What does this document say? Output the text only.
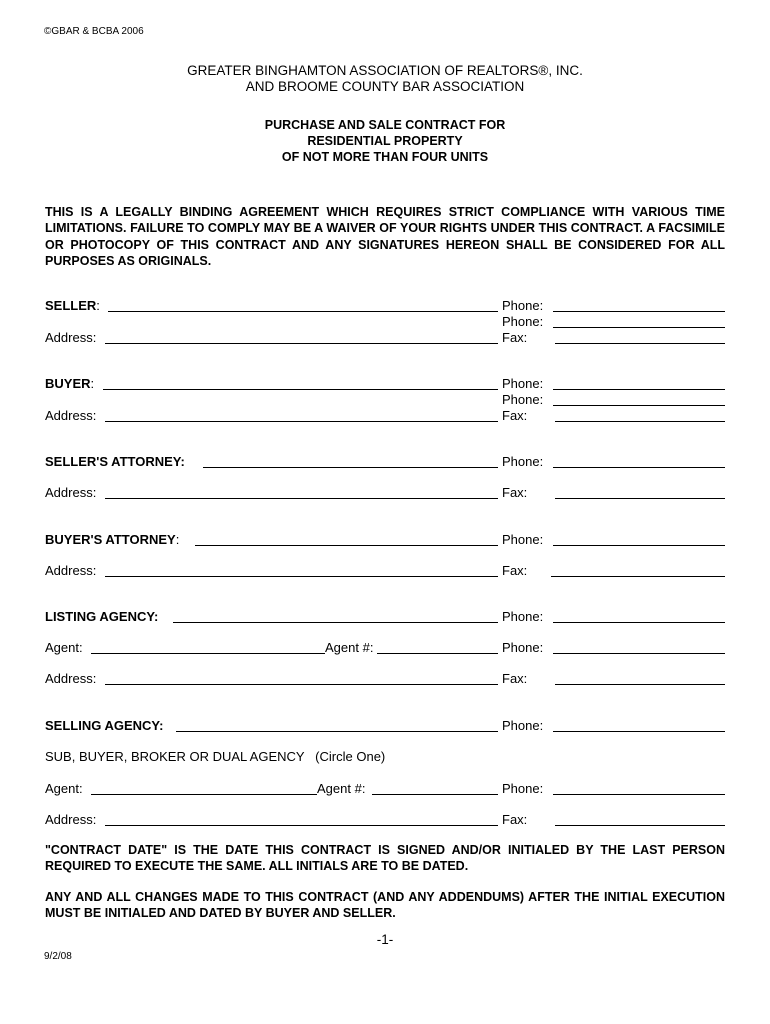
©GBAR & BCBA 2006
GREATER BINGHAMTON ASSOCIATION OF REALTORS®, INC.
AND BROOME COUNTY BAR ASSOCIATION
PURCHASE AND SALE CONTRACT FOR
RESIDENTIAL PROPERTY
OF NOT MORE THAN FOUR UNITS
THIS IS A LEGALLY BINDING AGREEMENT WHICH REQUIRES STRICT COMPLIANCE WITH VARIOUS TIME LIMITATIONS. FAILURE TO COMPLY MAY BE A WAIVER OF YOUR RIGHTS UNDER THIS CONTRACT. A FACSIMILE OR PHOTOCOPY OF THIS CONTRACT AND ANY SIGNATURES HEREON SHALL BE CONSIDERED FOR ALL PURPOSES AS ORIGINALS.
SELLER:	Phone:
Phone:
Address:	Fax:
BUYER:	Phone:
Phone:
Address:	Fax:
SELLER'S ATTORNEY:	Phone:
Address:	Fax:
BUYER'S ATTORNEY:	Phone:
Address:	Fax:
LISTING AGENCY:	Phone:
Agent:	Agent #:	Phone:
Address:	Fax:
SELLING AGENCY:	Phone:
SUB, BUYER, BROKER OR DUAL AGENCY   (Circle One)
Agent:	Agent #:	Phone:
Address:	Fax:
"CONTRACT DATE" IS THE DATE THIS CONTRACT IS SIGNED AND/OR INITIALED BY THE LAST PERSON REQUIRED TO EXECUTE THE SAME. ALL INITIALS ARE TO BE DATED.
ANY AND ALL CHANGES MADE TO THIS CONTRACT (AND ANY ADDENDUMS) AFTER THE INITIAL EXECUTION MUST BE INITIALED AND DATED BY BUYER AND SELLER.
-1-
9/2/08
